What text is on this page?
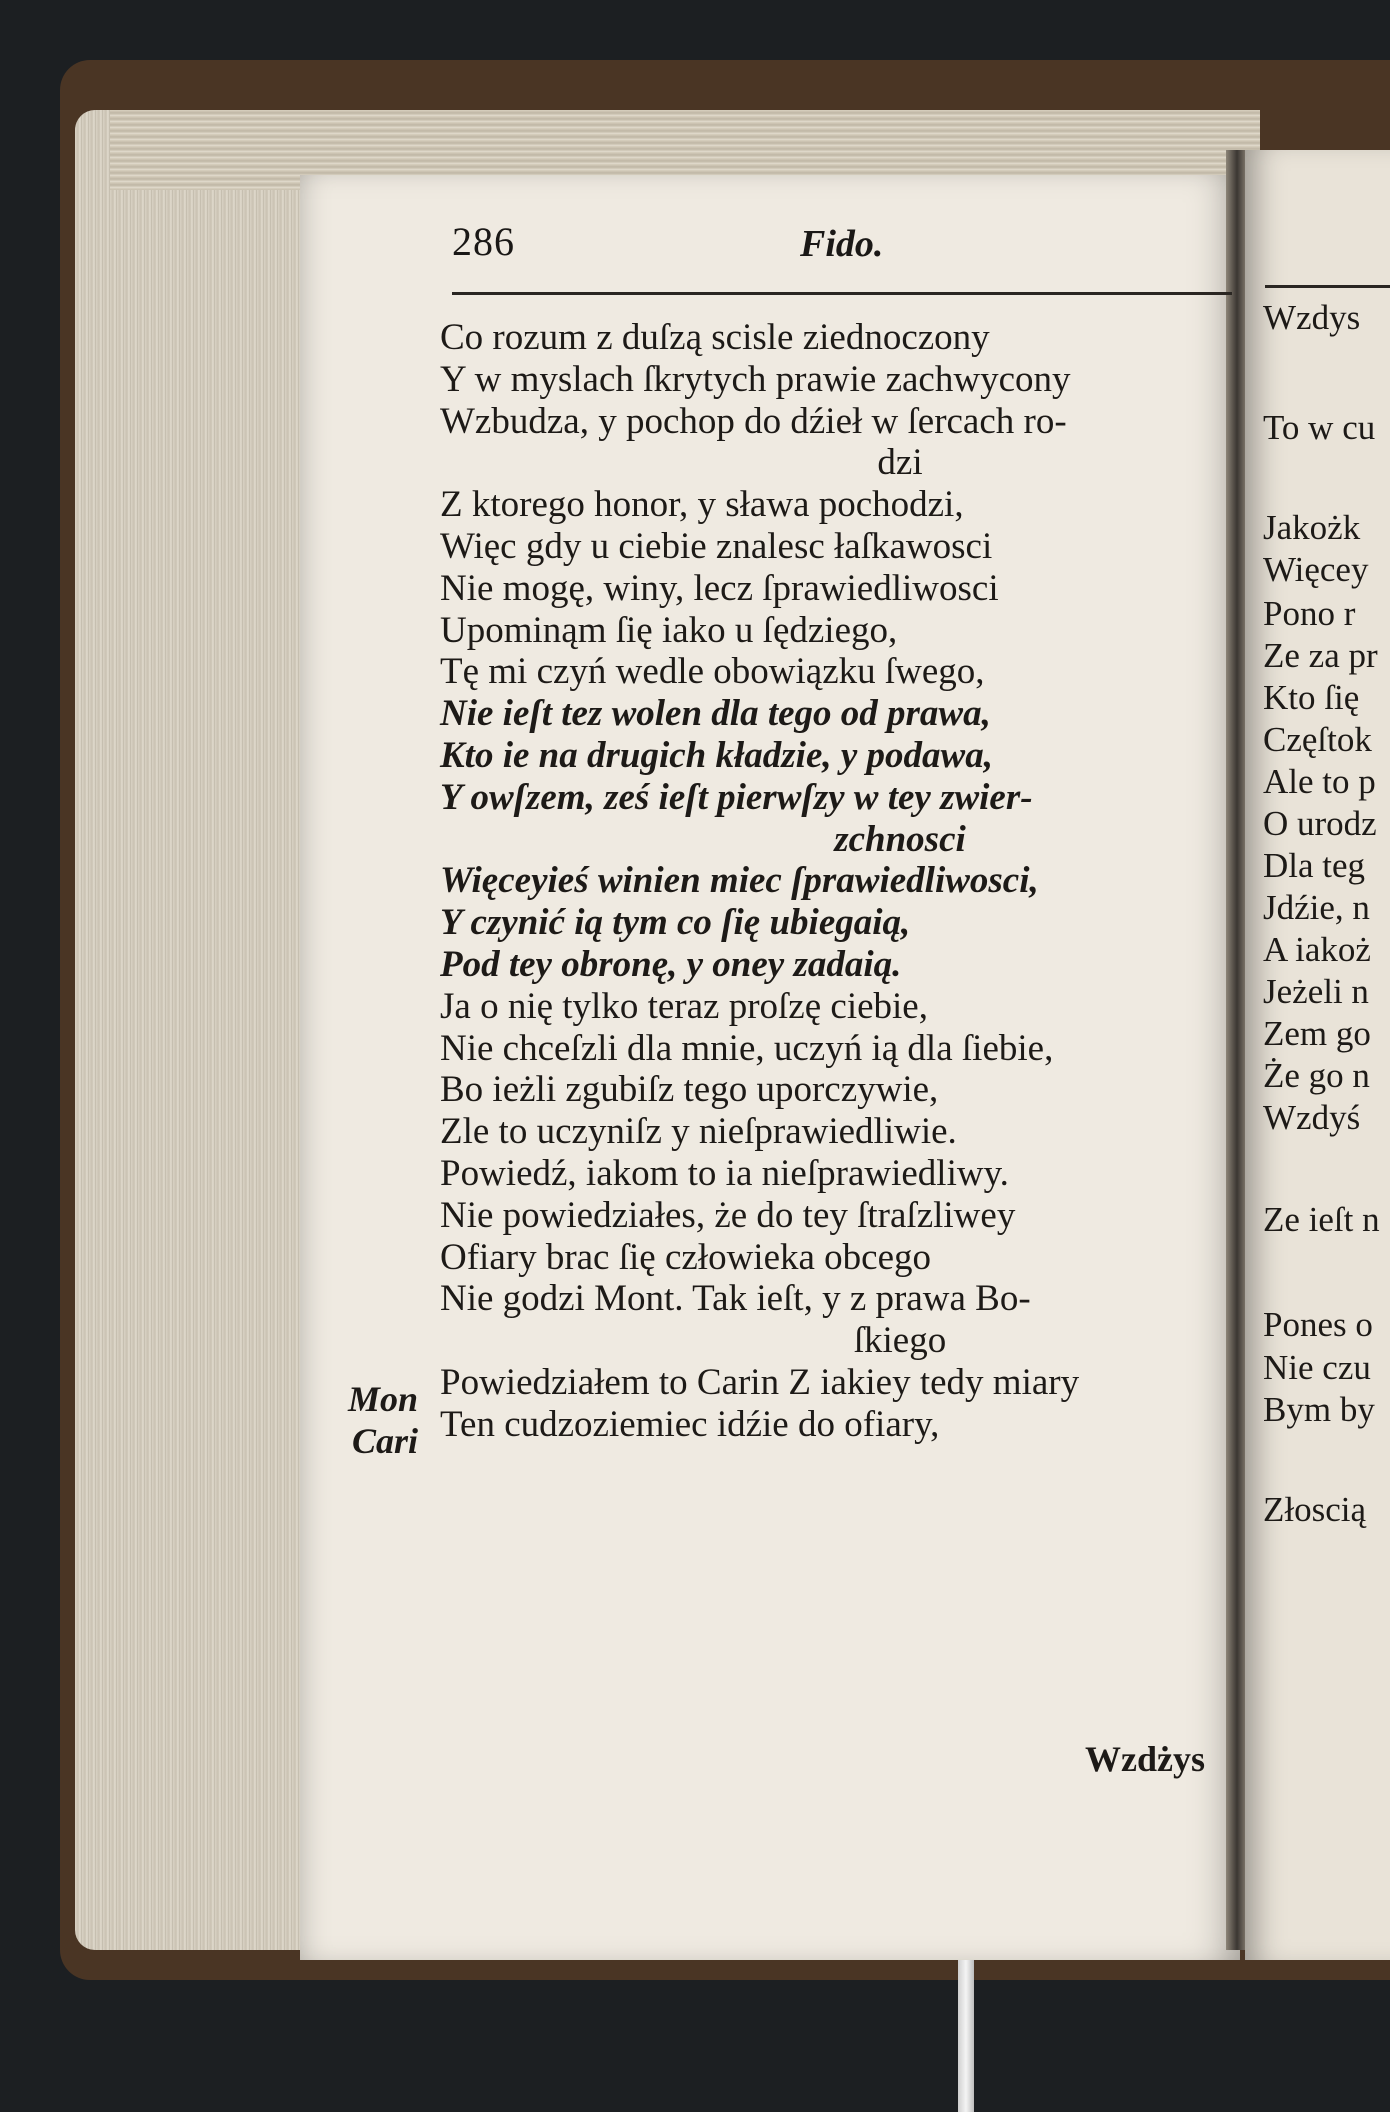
Wzdys
To w cu
Jakożk
Więcey
Pono r
Ze za pr
Kto ſię
Częſtok
Ale to p
O urodz
Dla teg
Jdźie, n
A iakoż
Jeżeli n
Zem go
Że go n
Wzdyś
Ze ieſt n
Pones o
Nie czu
Bym by
Złoscią
286	Fido.
Co rozum z duſzą scisle ziednoczony
Y w myslach ſkrytych prawie zachwycony
Wzbudza, y pochop do dźieł w ſercach ro-
dzi
Z ktorego honor, y sława pochodzi,
Więc gdy u ciebie znalesc łaſkawosci
Nie mogę, winy, lecz ſprawiedliwosci
Upominąm ſię iako u ſędziego,
Tę mi czyń wedle obowiązku ſwego,
Nie ieſt tez wolen dla tego od prawa,
Kto ie na drugich kładzie, y podawa,
Y owſzem, ześ ieſt pierwſzy w tey zwier-
zchnosci
Więceyieś winien miec ſprawiedliwosci,
Y czynić ią tym co ſię ubiegaią,
Pod tey obronę, y oney zadaią.
Ja o nię tylko teraz proſzę ciebie,
Nie chceſzli dla mnie, uczyń ią dla ſiebie,
Bo ieżli zgubiſz tego uporczywie,
Zle to uczyniſz y nieſprawiedliwie.
Powiedź, iakom to ia nieſprawiedliwy.
Nie powiedziałes, że do tey ſtraſzliwey
Ofiary brac ſię człowieka obcego
Nie godzi Mont. Tak ieſt, y z prawa Bo-
ſkiego
Powiedziałem to Carin Z iakiey tedy miary
Ten cudzoziemiec idźie do ofiary,
Mon
Cari
Wzdżys
